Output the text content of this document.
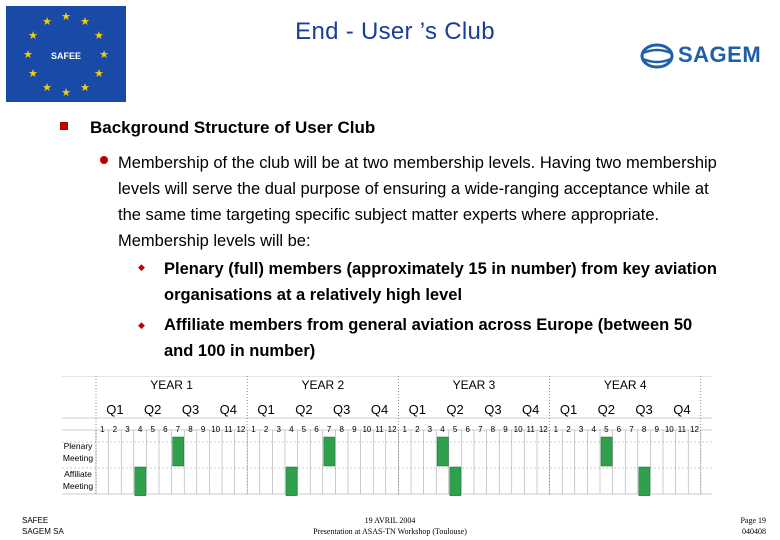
★ ★
★
★
★
★
★
★
★
★
★
★
SAFEE
End - User ’s Club
SAGEM
Background Structure of User Club
Membership of the club will be at two membership levels. Having two membership levels will serve the dual purpose of ensuring a wide-ranging acceptance while at the same time targeting specific subject matter experts where appropriate. Membership levels will be:
◆ Plenary (full) members (approximately 15 in number) from key aviation organisations at a relatively high level
◆ Affiliate members from general aviation across Europe (between 50 and 100 in number)
YEAR 1
Q1	Q2	Q3	Q4
1	2	3	4	5	6	7	8	9 10 11 12
YEAR 2
Q1	Q2	Q3	Q4
1	2	3	4	5	6	7	8	9 10 11 12
YEAR 3
Q1	Q2	Q3	Q4
1	2	3	4	5	6	7	8	9 10 11 12
YEAR 4
Q1	Q2	Q3	Q4
1	2	3	4	5	6	7	8	9 10 11 12
Plenary Meeting
Affiliate Meeting
SAFEE
SAGEM SA
19 AVRIL 2004
Presentation at ASAS-TN Workshop (Toulouse)
Page 19
040408
